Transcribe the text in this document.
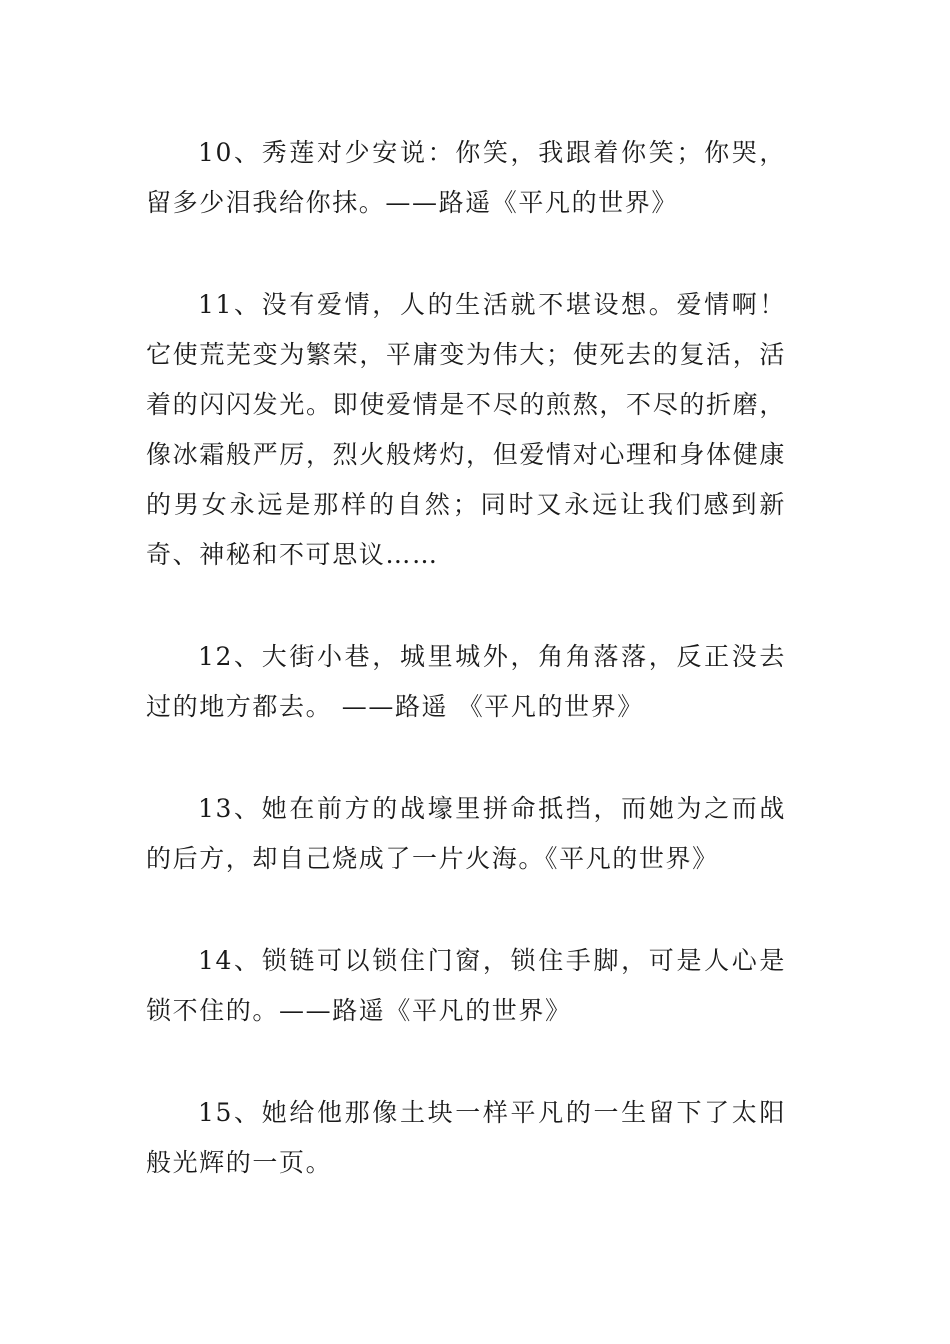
10、秀莲对少安说：你笑，我跟着你笑；你哭，留多少泪我给你抹。——路遥《平凡的世界》

11、没有爱情，人的生活就不堪设想。爱情啊！它使荒芜变为繁荣，平庸变为伟大；使死去的复活，活着的闪闪发光。即使爱情是不尽的煎熬，不尽的折磨，像冰霜般严厉，烈火般烤灼，但爱情对心理和身体健康的男女永远是那样的自然；同时又永远让我们感到新奇、神秘和不可思议……

12、大街小巷，城里城外，角角落落，反正没去过的地方都去。 ——路遥 《平凡的世界》

13、她在前方的战壕里拼命抵挡，而她为之而战的后方，却自己烧成了一片火海。《平凡的世界》

14、锁链可以锁住门窗，锁住手脚，可是人心是锁不住的。——路遥《平凡的世界》

15、她给他那像土块一样平凡的一生留下了太阳般光辉的一页。
